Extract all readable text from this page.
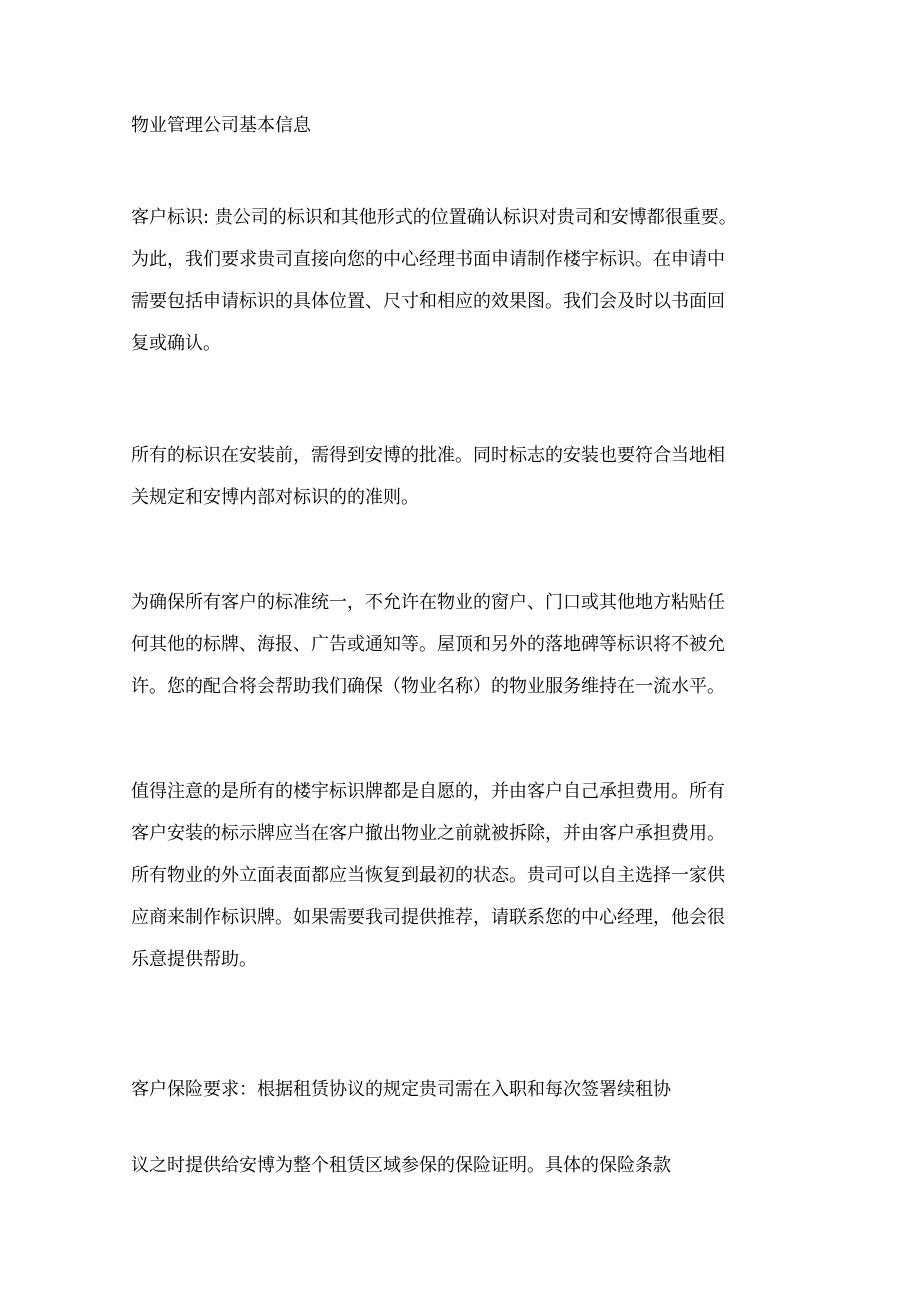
物业管理公司基本信息
客户标识: 贵公司的标识和其他形式的位置确认标识对贵司和安博都很重要。
为此，我们要求贵司直接向您的中心经理书面申请制作楼宇标识。在申请中
需要包括申请标识的具体位置、尺寸和相应的效果图。我们会及时以书面回
复或确认。
所有的标识在安装前，需得到安博的批准。同时标志的安装也要符合当地相
关规定和安博内部对标识的的准则。
为确保所有客户的标准统一，不允许在物业的窗户、门口或其他地方粘贴任
何其他的标牌、海报、广告或通知等。屋顶和另外的落地碑等标识将不被允
许。您的配合将会帮助我们确保（物业名称）的物业服务维持在一流水平。
值得注意的是所有的楼宇标识牌都是自愿的，并由客户自己承担费用。所有
客户安装的标示牌应当在客户撤出物业之前就被拆除，并由客户承担费用。
所有物业的外立面表面都应当恢复到最初的状态。贵司可以自主选择一家供
应商来制作标识牌。如果需要我司提供推荐，请联系您的中心经理，他会很
乐意提供帮助。
客户保险要求：根据租赁协议的规定贵司需在入职和每次签署续租协
议之时提供给安博为整个租赁区域参保的保险证明。具体的保险条款
